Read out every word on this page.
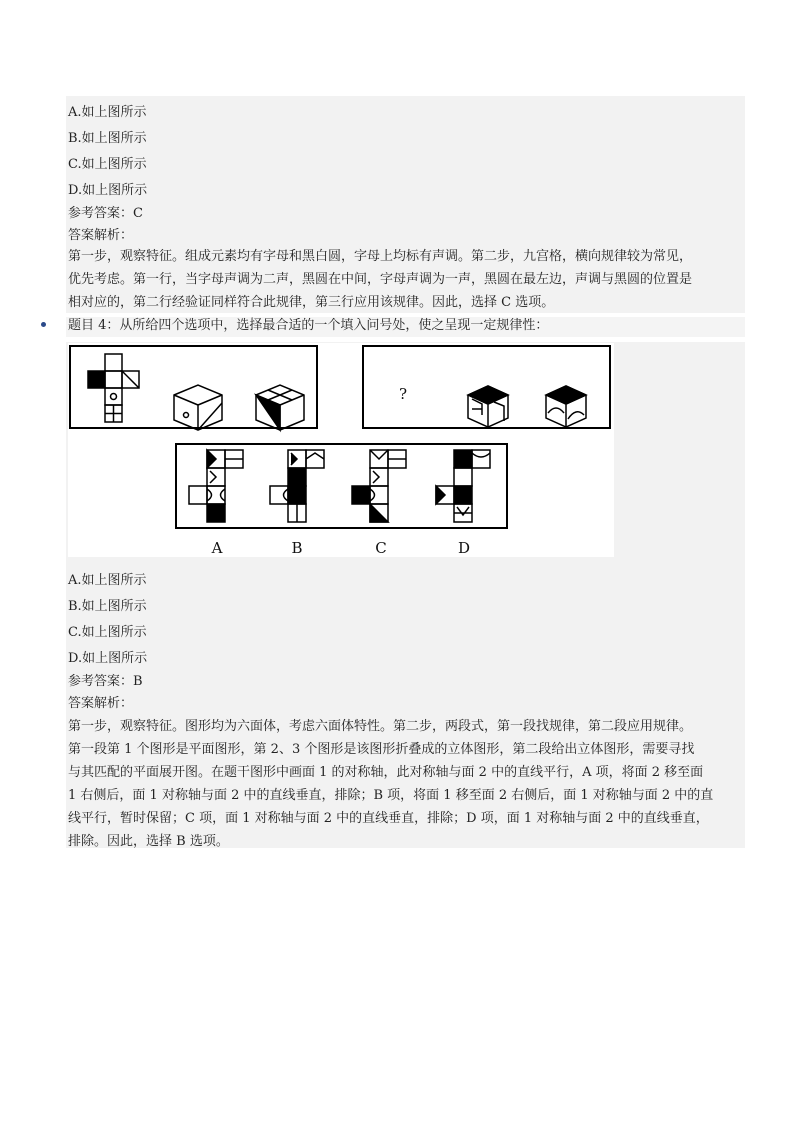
A.如上图所示
B.如上图所示
C.如上图所示
D.如上图所示
参考答案：C
答案解析：
第一步，观察特征。组成元素均有字母和黑白圆，字母上均标有声调。第二步，九宫格，横向规律较为常见，
优先考虑。第一行，当字母声调为二声，黑圆在中间，字母声调为一声，黑圆在最左边，声调与黑圆的位置是
相对应的，第二行经验证同样符合此规律，第三行应用该规律。因此，选择 C 选项。
题目 4：从所给四个选项中，选择最合适的一个填入问号处，使之呈现一定规律性：
?
A	B	C	D
A.如上图所示
B.如上图所示
C.如上图所示
D.如上图所示
参考答案：B
答案解析：
第一步，观察特征。图形均为六面体，考虑六面体特性。第二步，两段式，第一段找规律，第二段应用规律。
第一段第 1 个图形是平面图形，第 2、3 个图形是该图形折叠成的立体图形，第二段给出立体图形，需要寻找
与其匹配的平面展开图。在题干图形中画面 1 的对称轴，此对称轴与面 2 中的直线平行，A 项，将面 2 移至面
1 右侧后，面 1 对称轴与面 2 中的直线垂直，排除；B 项，将面 1 移至面 2 右侧后，面 1 对称轴与面 2 中的直
线平行，暂时保留；C 项，面 1 对称轴与面 2 中的直线垂直，排除；D 项，面 1 对称轴与面 2 中的直线垂直，
排除。因此，选择 B 选项。
